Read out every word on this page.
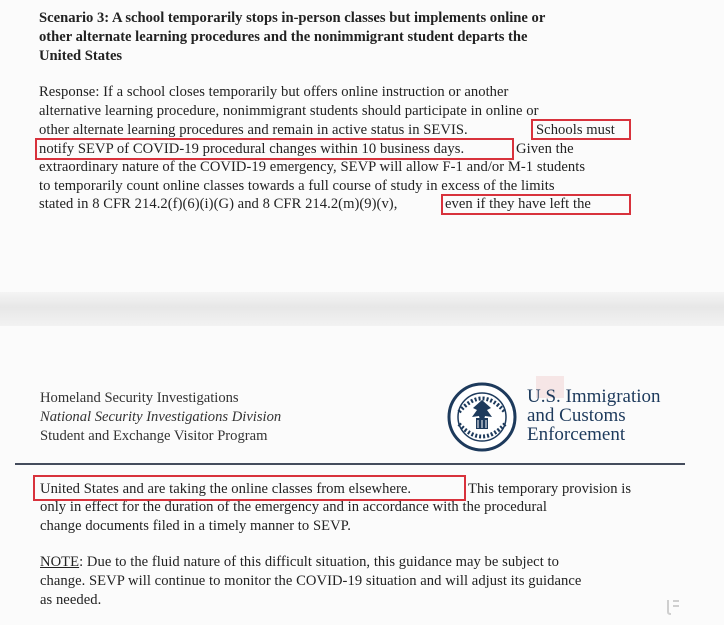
Scenario 3: A school temporarily stops in-person classes but implements online or
other alternate learning procedures and the nonimmigrant student departs the
United States
Response: If a school closes temporarily but offers online instruction or another
alternative learning procedure, nonimmigrant students should participate in online or
other alternate learning procedures and remain in active status in SEVIS.	Schools must
notify SEVP of COVID-19 procedural changes within 10 business days.	Given the
extraordinary nature of the COVID-19 emergency, SEVP will allow F-1 and/or M-1 students
to temporarily count online classes towards a full course of study in excess of the limits
stated in 8 CFR 214.2(f)(6)(i)(G) and 8 CFR 214.2(m)(9)(v),	even if they have left the
Homeland Security Investigations
National Security Investigations Division
Student and Exchange Visitor Program
U.S. Immigration
and Customs
Enforcement
United States and are taking the online classes from elsewhere.	This temporary provision is
only in effect for the duration of the emergency and in accordance with the procedural
change documents filed in a timely manner to SEVP.
NOTE: Due to the fluid nature of this difficult situation, this guidance may be subject to
change. SEVP will continue to monitor the COVID-19 situation and will adjust its guidance
as needed.
